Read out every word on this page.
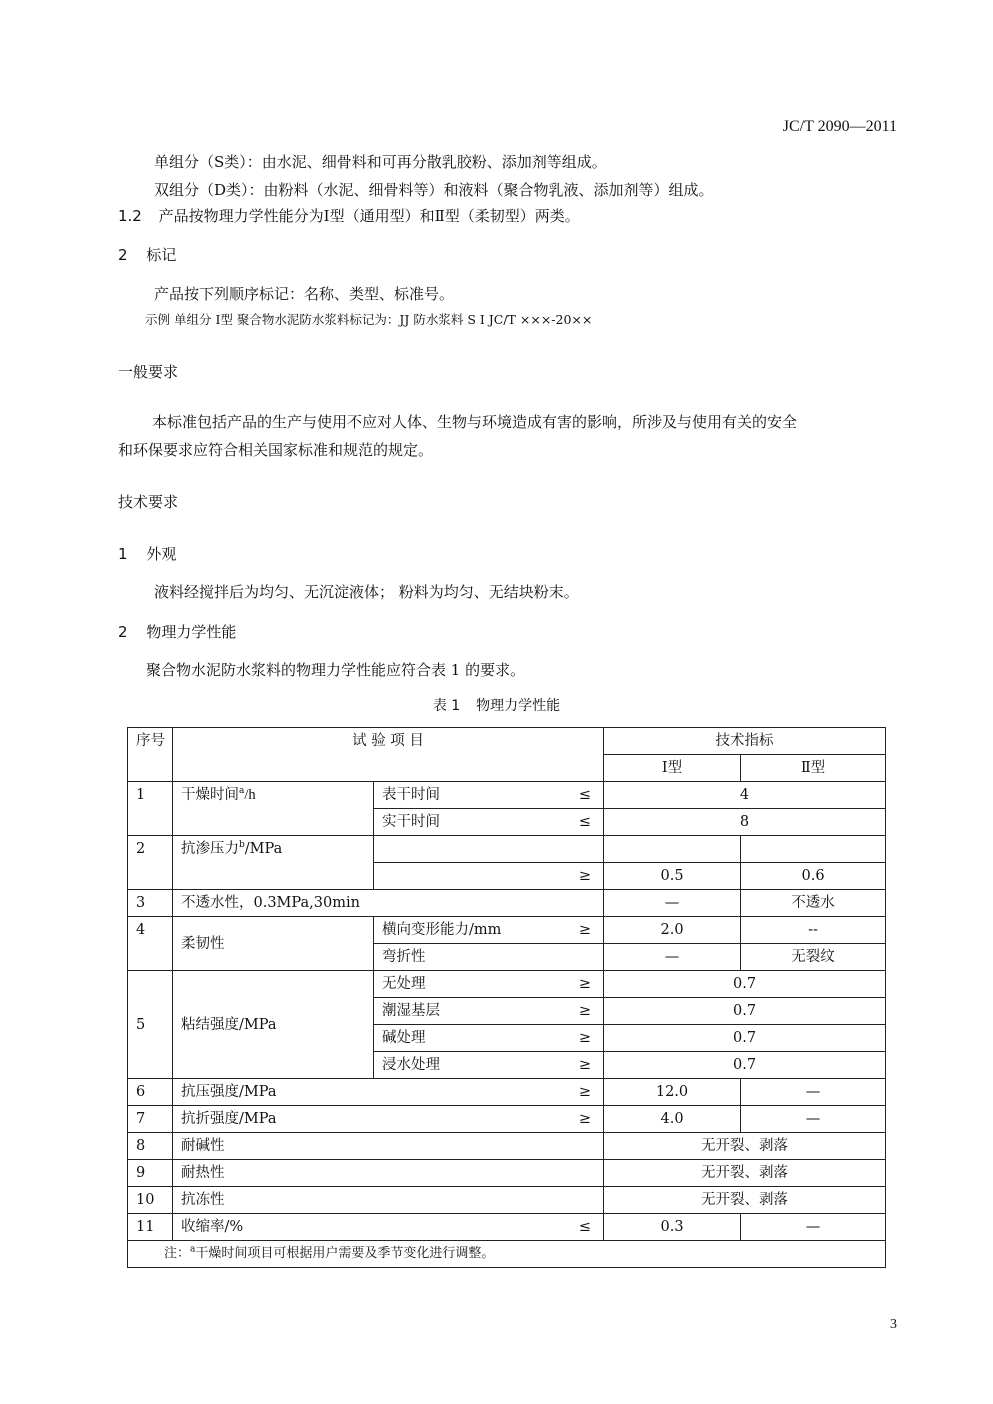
JC/T 2090—2011
单组分（S类）：由水泥、细骨料和可再分散乳胶粉、添加剂等组成。
双组分（D类）：由粉料（水泥、细骨料等）和液料（聚合物乳液、添加剂等）组成。
1.2 产品按物理力学性能分为Ⅰ型（通用型）和Ⅱ型（柔韧型）两类。
2 标记
产品按下列顺序标记：名称、类型、标准号。
示例 单组分 Ⅰ型 聚合物水泥防水浆料标记为：JJ 防水浆料 S Ⅰ JC/T ×××-20××
一般要求
本标准包括产品的生产与使用不应对人体、生物与环境造成有害的影响，所涉及与使用有关的安全
和环保要求应符合相关国家标准和规范的规定。
技术要求
1 外观
液料经搅拌后为均匀、无沉淀液体； 粉料为均匀、无结块粉末。
2 物理力学性能
聚合物水泥防水浆料的物理力学性能应符合表 1 的要求。
表 1 物理力学性能
序号	试 验 项 目		技术指标	
			Ⅰ型	Ⅱ型
1	干燥时间$^a$/h	表干时间 ≤	4	
		实干时间 ≤	8	
2	抗渗压力$^b$/MPa			

		≥	0.5	0.6
3	不透水性，0.3MPa,30min		—	不透水
4	柔韧性	横向变形能力/mm ≥	2.0	--
		弯折性	—	无裂纹
5	粘结强度/MPa	无处理 ≥	0.7	
		潮湿基层 ≥	0.7	
		碱处理 ≥	0.7	
		浸水处理 ≥	0.7	
6	抗压强度/MPa ≥		12.0	—
7	抗折强度/MPa ≥		4.0	—
8	耐碱性		无开裂、剥落	
9	耐热性		无开裂、剥落	
10	抗冻性		无开裂、剥落	
11	收缩率/% ≤		0.3	—
注：$^a$干燥时间项目可根据用户需要及季节变化进行调整。				
3
